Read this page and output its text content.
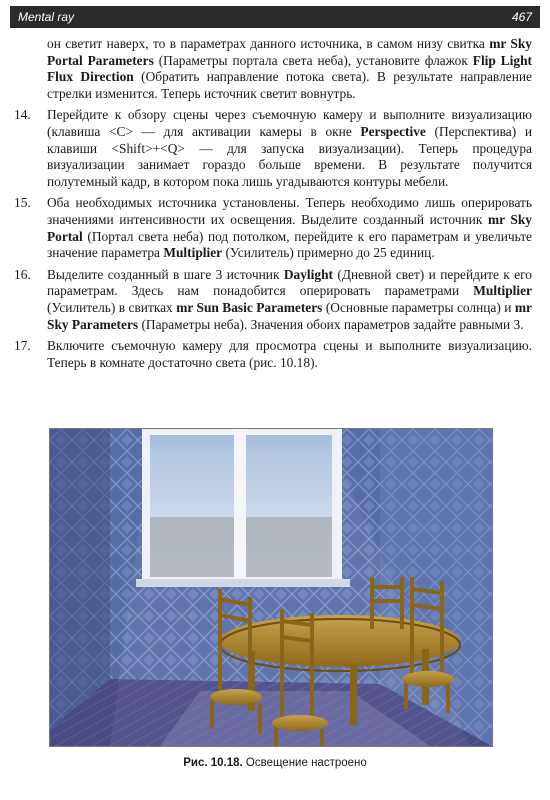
Mental ray	467

он светит наверх, то в параметрах данного источника, в самом низу свитка mr Sky Portal Parameters (Параметры портала света неба), установите флажок Flip Light Flux Direction (Обратить направление потока света). В результате направление стрелки изменится. Теперь источник светит вовнутрь.

14.	Перейдите к обзору сцены через съемочную камеру и выполните визуализацию (клавиша <C> — для активации камеры в окне Perspective (Перспектива) и клавиши <Shift>+<Q> — для запуска визуализации). Теперь процедура визуализации занимает гораздо больше времени. В результате получится полутемный кадр, в котором пока лишь угадываются контуры мебели.

15.	Оба необходимых источника установлены. Теперь необходимо лишь оперировать значениями интенсивности их освещения. Выделите созданный источник mr Sky Portal (Портал света неба) под потолком, перейдите к его параметрам и увеличьте значение параметра Multiplier (Усилитель) примерно до 25 единиц.

16.	Выделите созданный в шаге 3 источник Daylight (Дневной свет) и перейдите к его параметрам. Здесь нам понадобится оперировать параметрами Multiplier (Усилитель) в свитках mr Sun Basic Parameters (Основные параметры солнца) и mr Sky Parameters (Параметры неба). Значения обоих параметров задайте равными 3.

17.	Включите съемочную камеру для просмотра сцены и выполните визуализацию. Теперь в комнате достаточно света (рис. 10.18).

Рис. 10.18. Освещение настроено
